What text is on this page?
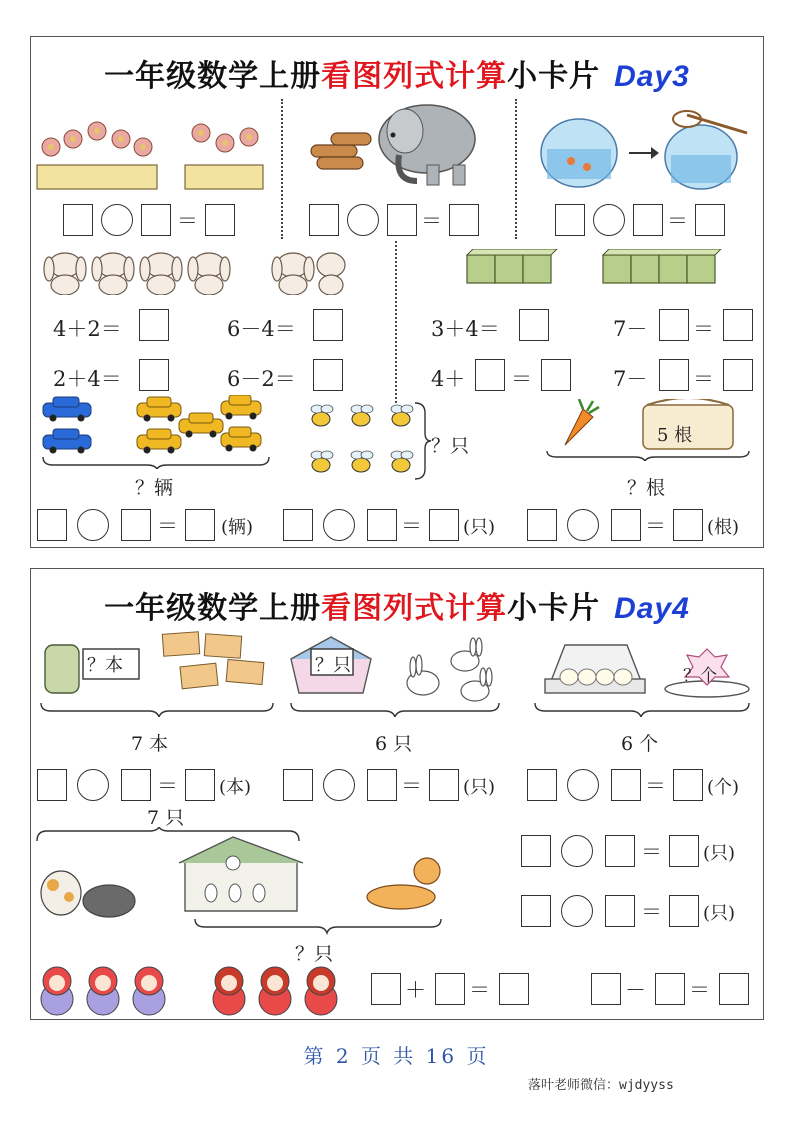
一年级数学上册看图列式计算小卡片 Day3
＝	＝	＝
4＋2＝	6－4＝	3＋4＝	7－ ＝
2＋4＝	6－2＝	4＋ ＝	7－ ＝
？辆
？只	5 根
？根
＝ (辆)	＝ (只)	＝ (根)
一年级数学上册看图列式计算小卡片 Day4
？本
7 本
？只
6 只
？个
6 个
＝ (本)	＝ (只)	＝ (个)
7 只
？只
＝ (只)
＝ (只)
＋ ＝	－ ＝
第 2 页 共 16 页
落叶老师微信：wjdyyss
